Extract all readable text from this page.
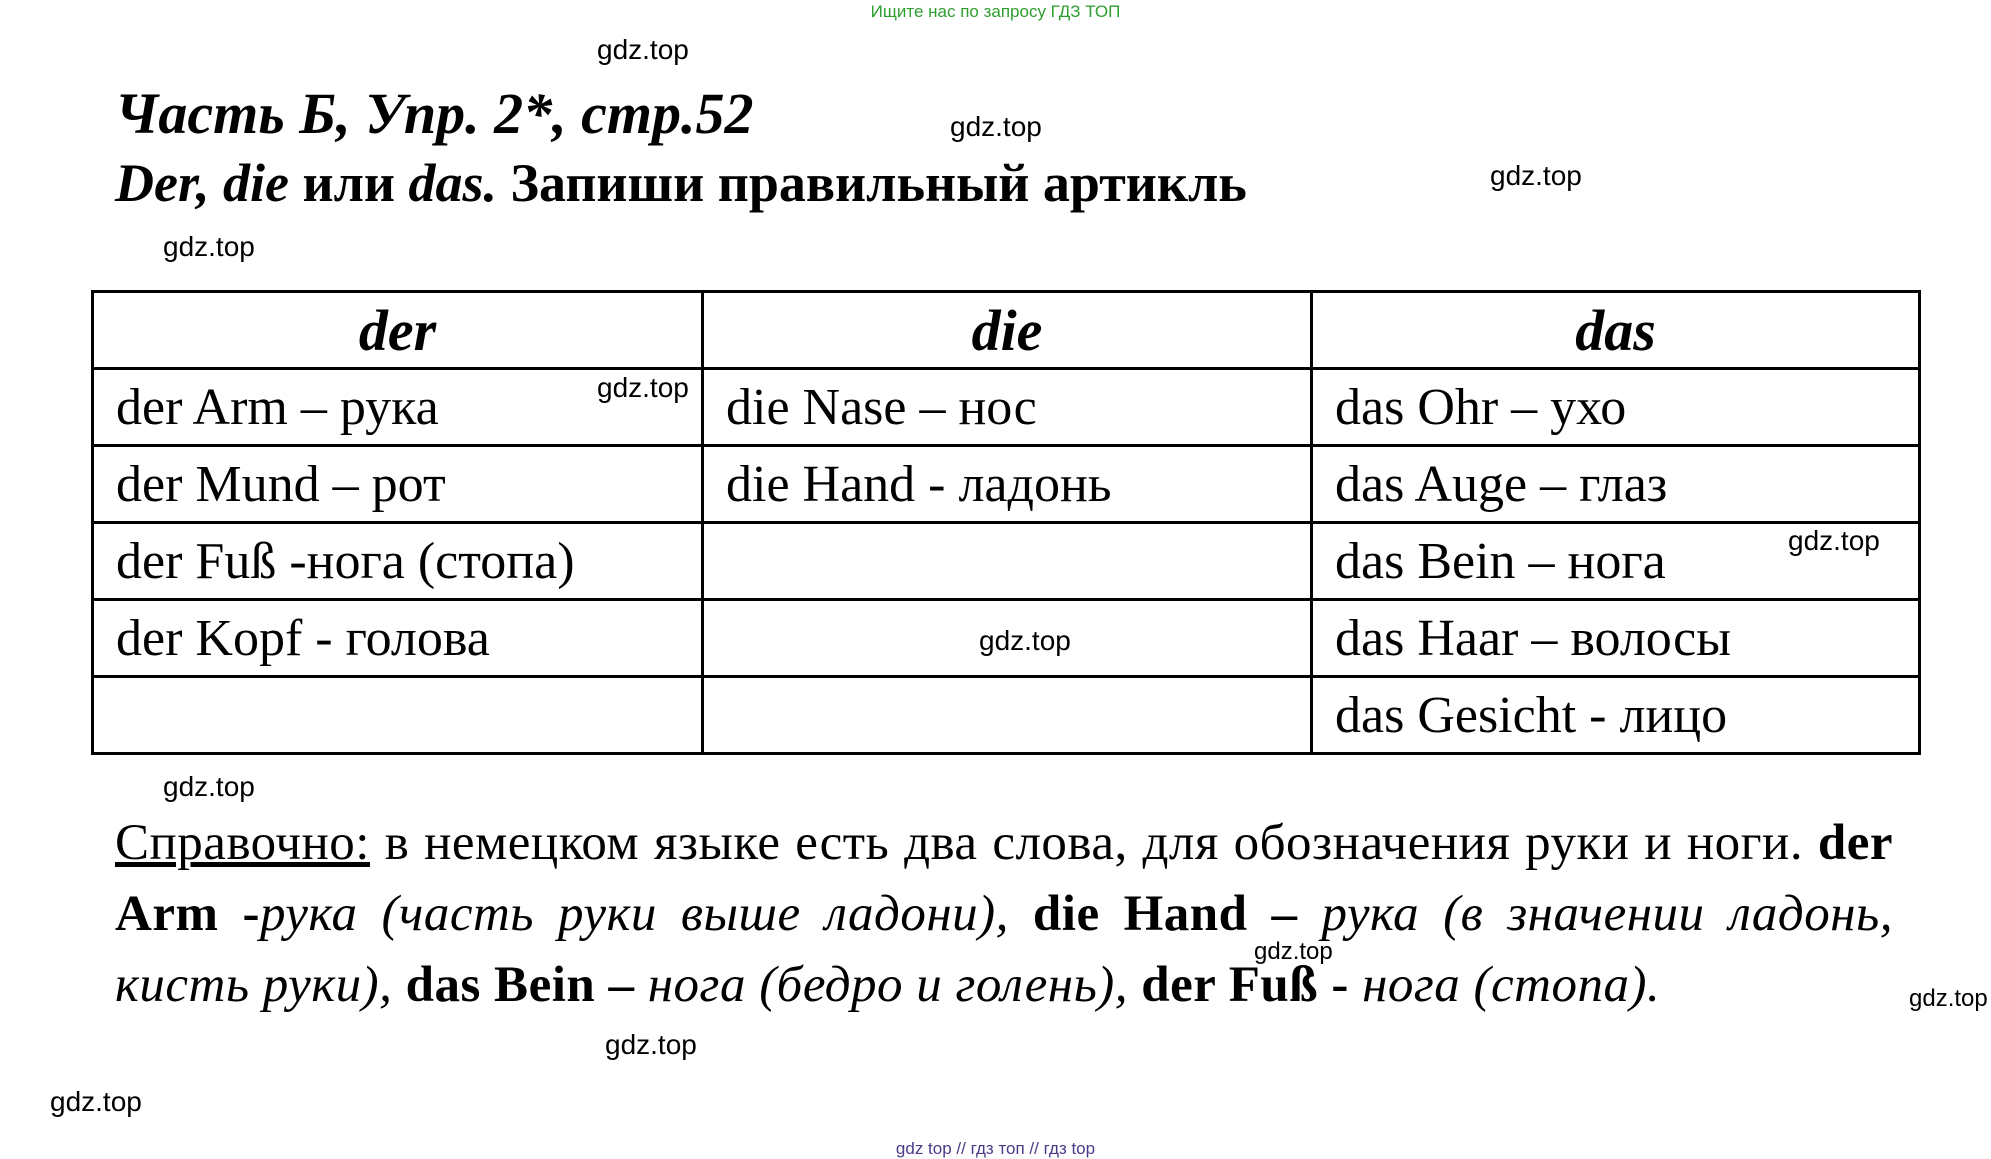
Ищите нас по запросу ГДЗ ТОП
Часть Б, Упр. 2*, стр.52
Der, die или das. Запиши правильный артикль
der	die	das
der Arm – рука	die Nase – нос	das Ohr – ухо
der Mund – рот	die Hand - ладонь	das Auge – глаз
der Fuß -нога (стопа)		das Bein – нога
der Kopf - голова		das Haar – волосы
		das Gesicht - лицо
Справочно: в немецком языке есть два слова, для обозначения руки и ноги. der Arm -рука (часть руки выше ладони), die Hand – рука (в значении ладонь, кисть руки), das Bein – нога (бедро и голень), der Fuß - нога (стопа).
gdz.top
gdz.top
gdz.top
gdz.top
gdz.top
gdz.top
gdz.top
gdz.top
gdz.top
gdz.top
gdz.top
gdz.top
gdz top // гдз топ // гдз top
